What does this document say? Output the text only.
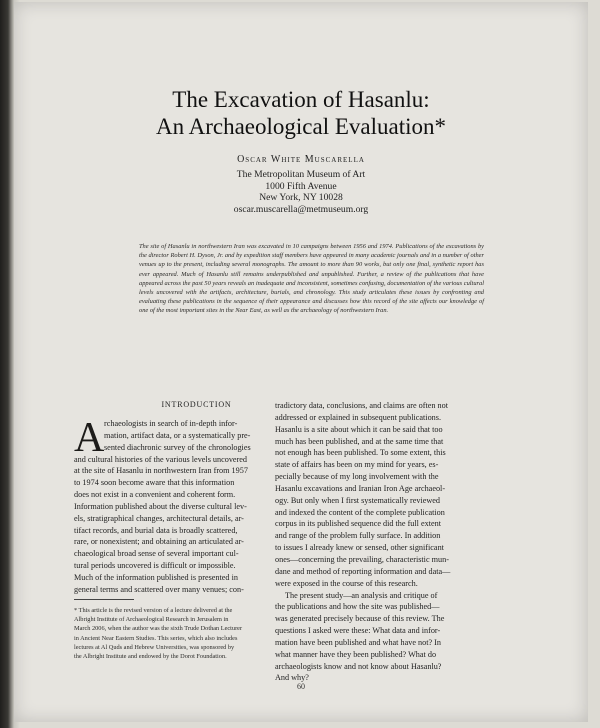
The Excavation of Hasanlu:
An Archaeological Evaluation*
Oscar White Muscarella
The Metropolitan Museum of Art
1000 Fifth Avenue
New York, NY 10028
oscar.muscarella@metmuseum.org
The site of Hasanlu in northwestern Iran was excavated in 10 campaigns between 1956 and 1974. Publications of the excavations by the director Robert H. Dyson, Jr. and by expedition staff members have appeared in many academic journals and in a number of other venues up to the present, including several monographs. The amount to more than 90 works, but only one final, synthetic report has ever appeared. Much of Hasanlu still remains underpublished and unpublished. Further, a review of the publications that have appeared across the past 50 years reveals an inadequate and inconsistent, sometimes confusing, documentation of the various cultural levels uncovered with the artifacts, architecture, burials, and chronology. This study articulates these issues by confronting and evaluating these publications in the sequence of their appearance and discusses how this record of the site affects our knowledge of one of the most important sites in the Near East, as well as the archaeology of northwestern Iran.
INTRODUCTION
A rchaeologists in search of in-depth infor-
mation, artifact data, or a systematically pre-
sented diachronic survey of the chronologies
and cultural histories of the various levels uncovered
at the site of Hasanlu in northwestern Iran from 1957
to 1974 soon become aware that this information
does not exist in a convenient and coherent form.
Information published about the diverse cultural lev-
els, stratigraphical changes, architectural details, ar-
tifact records, and burial data is broadly scattered,
rare, or nonexistent; and obtaining an articulated ar-
chaeological broad sense of several important cul-
tural periods uncovered is difficult or impossible.
Much of the information published is presented in
general terms and scattered over many venues; con-
tradictory data, conclusions, and claims are often not
addressed or explained in subsequent publications.
Hasanlu is a site about which it can be said that too
much has been published, and at the same time that
not enough has been published. To some extent, this
state of affairs has been on my mind for years, es-
pecially because of my long involvement with the
Hasanlu excavations and Iranian Iron Age archaeol-
ogy. But only when I first systematically reviewed
and indexed the content of the complete publication
corpus in its published sequence did the full extent
and range of the problem fully surface. In addition
to issues I already knew or sensed, other significant
ones—concerning the prevailing, characteristic mun-
dane and method of reporting information and data—
were exposed in the course of this research.
The present study—an analysis and critique of
the publications and how the site was published—
was generated precisely because of this review. The
questions I asked were these: What data and infor-
mation have been published and what have not? In
what manner have they been published? What do
archaeologists know and not know about Hasanlu?
And why?
* This article is the revised version of a lecture delivered at the
Albright Institute of Archaeological Research in Jerusalem in
March 2006, when the author was the sixth Trude Dothan Lecturer
in Ancient Near Eastern Studies. This series, which also includes
lectures at Al Quds and Hebrew Universities, was sponsored by
the Albright Institute and endowed by the Dorot Foundation.
60
